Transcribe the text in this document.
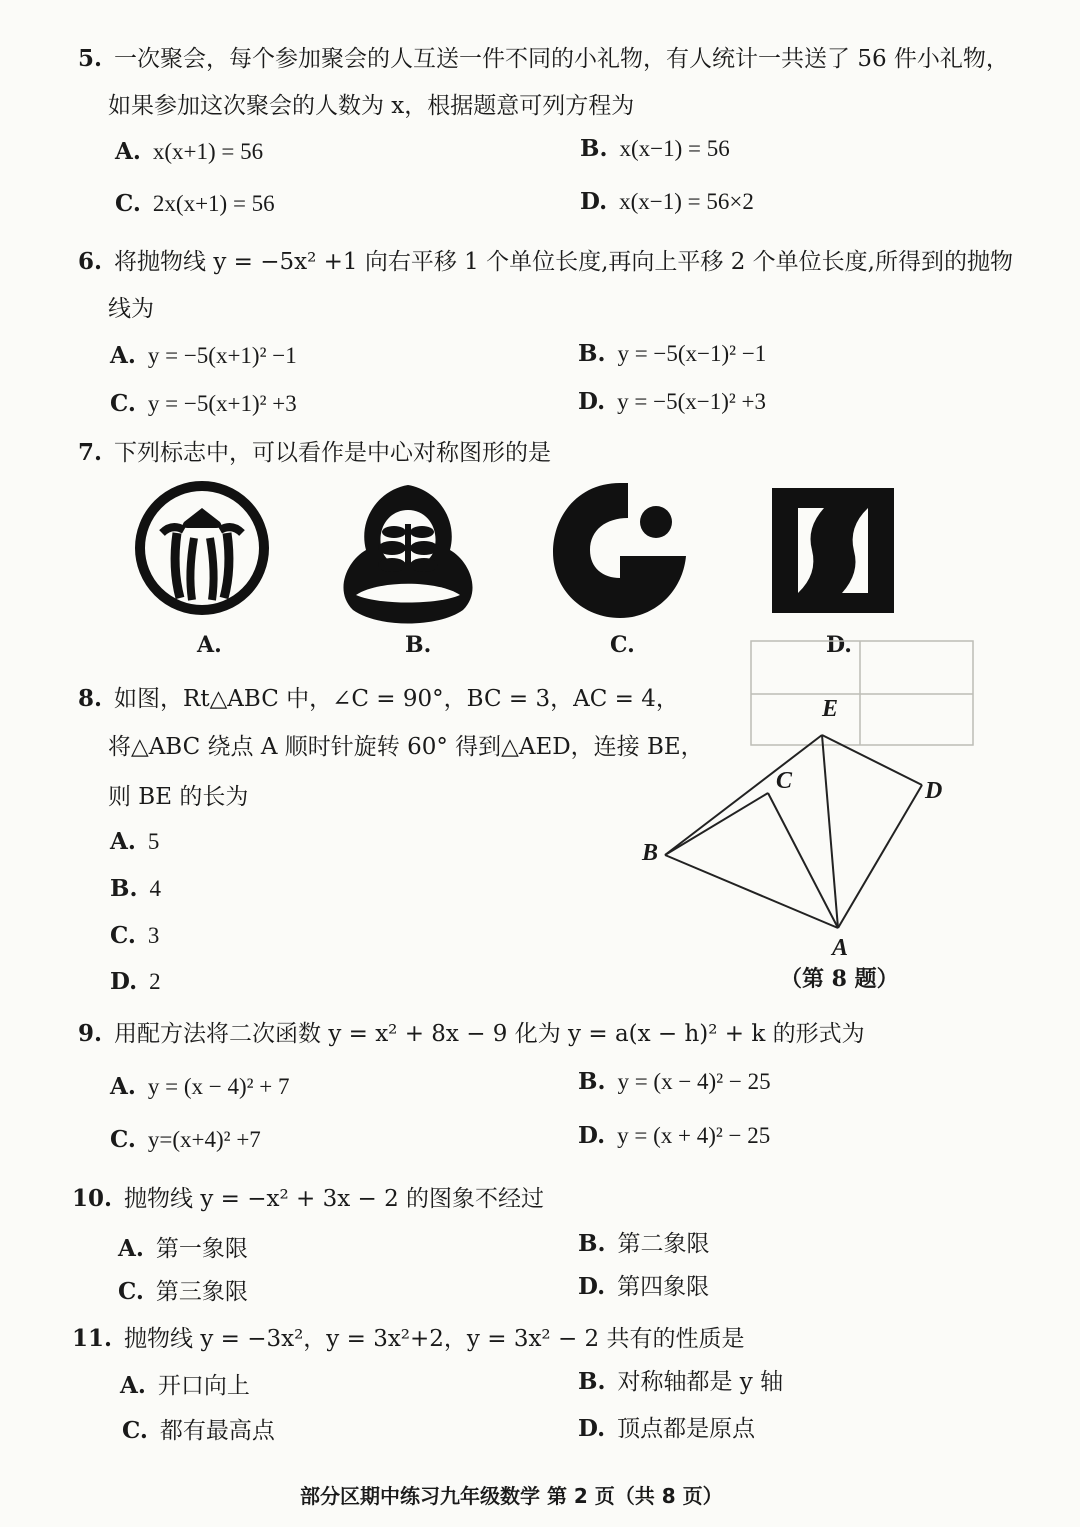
5. 一次聚会，每个参加聚会的人互送一件不同的小礼物，有人统计一共送了 56 件小礼物，
如果参加这次聚会的人数为 x，根据题意可列方程为
A. x(x+1) = 56	B. x(x−1) = 56
C. 2x(x+1) = 56	D. x(x−1) = 56×2
6. 将抛物线 y = −5x² +1 向右平移 1 个单位长度,再向上平移 2 个单位长度,所得到的抛物
线为
A. y = −5(x+1)² −1	B. y = −5(x−1)² −1
C. y = −5(x+1)² +3	D. y = −5(x−1)² +3
7. 下列标志中，可以看作是中心对称图形的是
A.	B.	C.	D.
8. 如图，Rt△ABC 中，∠C = 90°，BC = 3，AC = 4，
将△ABC 绕点 A 顺时针旋转 60° 得到△AED，连接 BE，
则 BE 的长为
A. 5
B. 4
C. 3
D. 2
E
C	D
B
A
（第 8 题）
9. 用配方法将二次函数 y = x² + 8x − 9 化为 y = a(x − h)² + k 的形式为
A. y = (x − 4)² + 7	B. y = (x − 4)² − 25
C. y=(x+4)² +7	D. y = (x + 4)² − 25
10. 抛物线 y = −x² + 3x − 2 的图象不经过
A. 第一象限	B. 第二象限
C. 第三象限	D. 第四象限
11. 抛物线 y = −3x²，y = 3x²+2，y = 3x² − 2 共有的性质是
A. 开口向上	B. 对称轴都是 y 轴
C. 都有最高点	D. 顶点都是原点
部分区期中练习九年级数学 第 2 页（共 8 页）
